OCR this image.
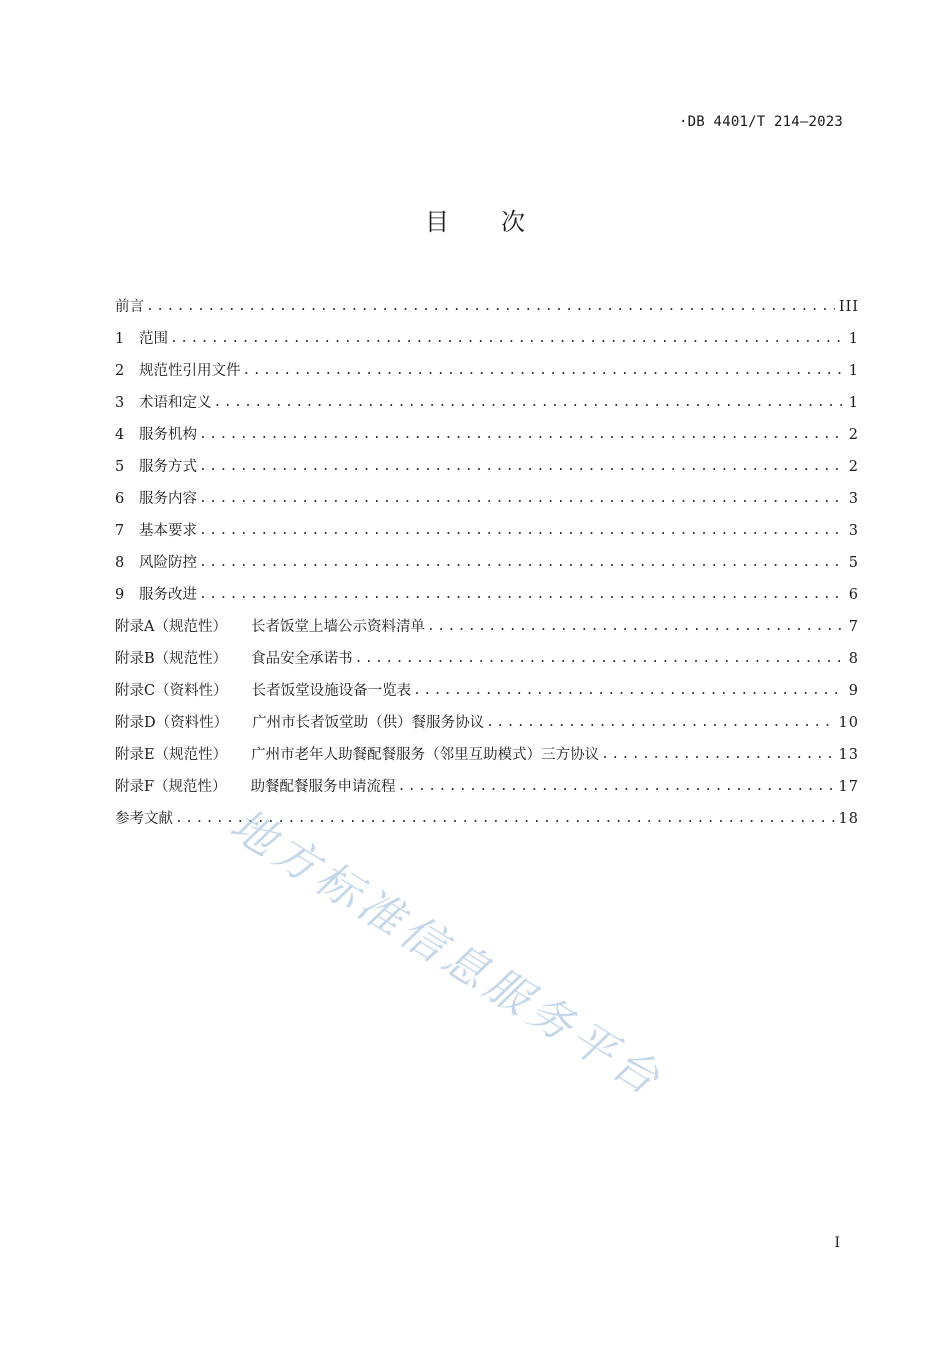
·DB 4401/T 214—2023
目 次
前言 .....	III
1	范围 .....	1
2	规范性引用文件 .....	1
3	术语和定义 .....	1
4	服务机构 .....	2
5	服务方式 .....	2
6	服务内容 .....	3
7	基本要求 .....	3
8	风险防控 .....	5
9	服务改进 .....	6
附录A（规范性） 长者饭堂上墙公示资料清单 .....	7
附录B（规范性） 食品安全承诺书 .....	8
附录C（资料性） 长者饭堂设施设备一览表 .....	9
附录D（资料性） 广州市长者饭堂助（供）餐服务协议 .....	10
附录E（规范性） 广州市老年人助餐配餐服务（邻里互助模式）三方协议 .....	13
附录F（规范性） 助餐配餐服务申请流程 .....	17
参考文献 .....	18
地方标准信息服务平台
I
